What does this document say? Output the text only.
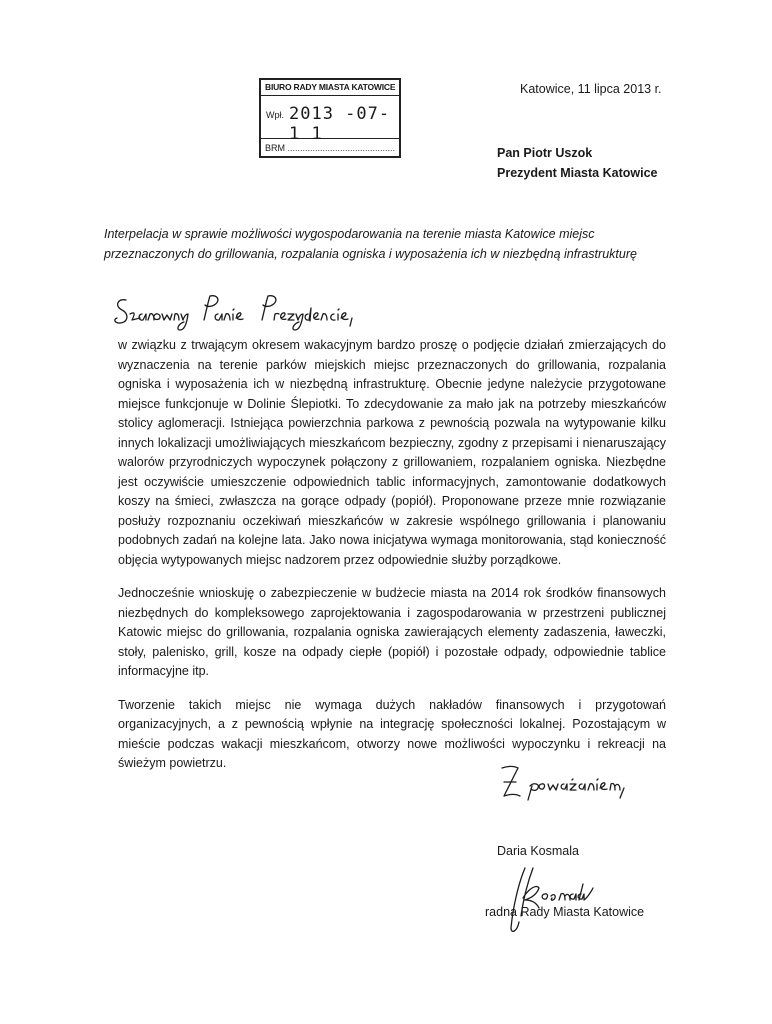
BIURO RADY MIASTA KATOWICE
Wpł. 2013 -07- 1 1
BRM ...........................................
Katowice, 11 lipca 2013 r.
Pan Piotr Uszok
Prezydent Miasta Katowice
Interpelacja w sprawie możliwości wygospodarowania na terenie miasta Katowice miejsc przeznaczonych do grillowania, rozpalania ogniska i wyposażenia ich w niezbędną infrastrukturę

w związku z trwającym okresem wakacyjnym bardzo proszę o podjęcie działań zmierzających do wyznaczenia na terenie parków miejskich miejsc przeznaczonych do grillowania, rozpalania ogniska i wyposażenia ich w niezbędną infrastrukturę. Obecnie jedyne należycie przygotowane miejsce funkcjonuje w Dolinie Ślepiotki. To zdecydowanie za mało jak na potrzeby mieszkańców stolicy aglomeracji. Istniejąca powierzchnia parkowa z pewnością pozwala na wytypowanie kilku innych lokalizacji umożliwiających mieszkańcom bezpieczny, zgodny z przepisami i nienaruszający walorów przyrodniczych wypoczynek połączony z grillowaniem, rozpalaniem ogniska. Niezbędne jest oczywiście umieszczenie odpowiednich tablic informacyjnych, zamontowanie dodatkowych koszy na śmieci, zwłaszcza na gorące odpady (popiół). Proponowane przeze mnie rozwiązanie posłuży rozpoznaniu oczekiwań mieszkańców w zakresie wspólnego grillowania i planowaniu podobnych zadań na kolejne lata. Jako nowa inicjatywa wymaga monitorowania, stąd konieczność objęcia wytypowanych miejsc nadzorem przez odpowiednie służby porządkowe.

Jednocześnie wnioskuję o zabezpieczenie w budżecie miasta na 2014 rok środków finansowych niezbędnych do kompleksowego zaprojektowania i zagospodarowania w przestrzeni publicznej Katowic miejsc do grillowania, rozpalania ogniska zawierających elementy zadaszenia, ławeczki, stoły, palenisko, grill, kosze na odpady ciepłe (popiół) i pozostałe odpady, odpowiednie tablice informacyjne itp.

Tworzenie takich miejsc nie wymaga dużych nakładów finansowych i przygotowań organizacyjnych, a z pewnością wpłynie na integrację społeczności lokalnej. Pozostającym w mieście podczas wakacji mieszkańcom, otworzy nowe możliwości wypoczynku i rekreacji na świeżym powietrzu.

Daria Kosmala
radna Rady Miasta Katowice
